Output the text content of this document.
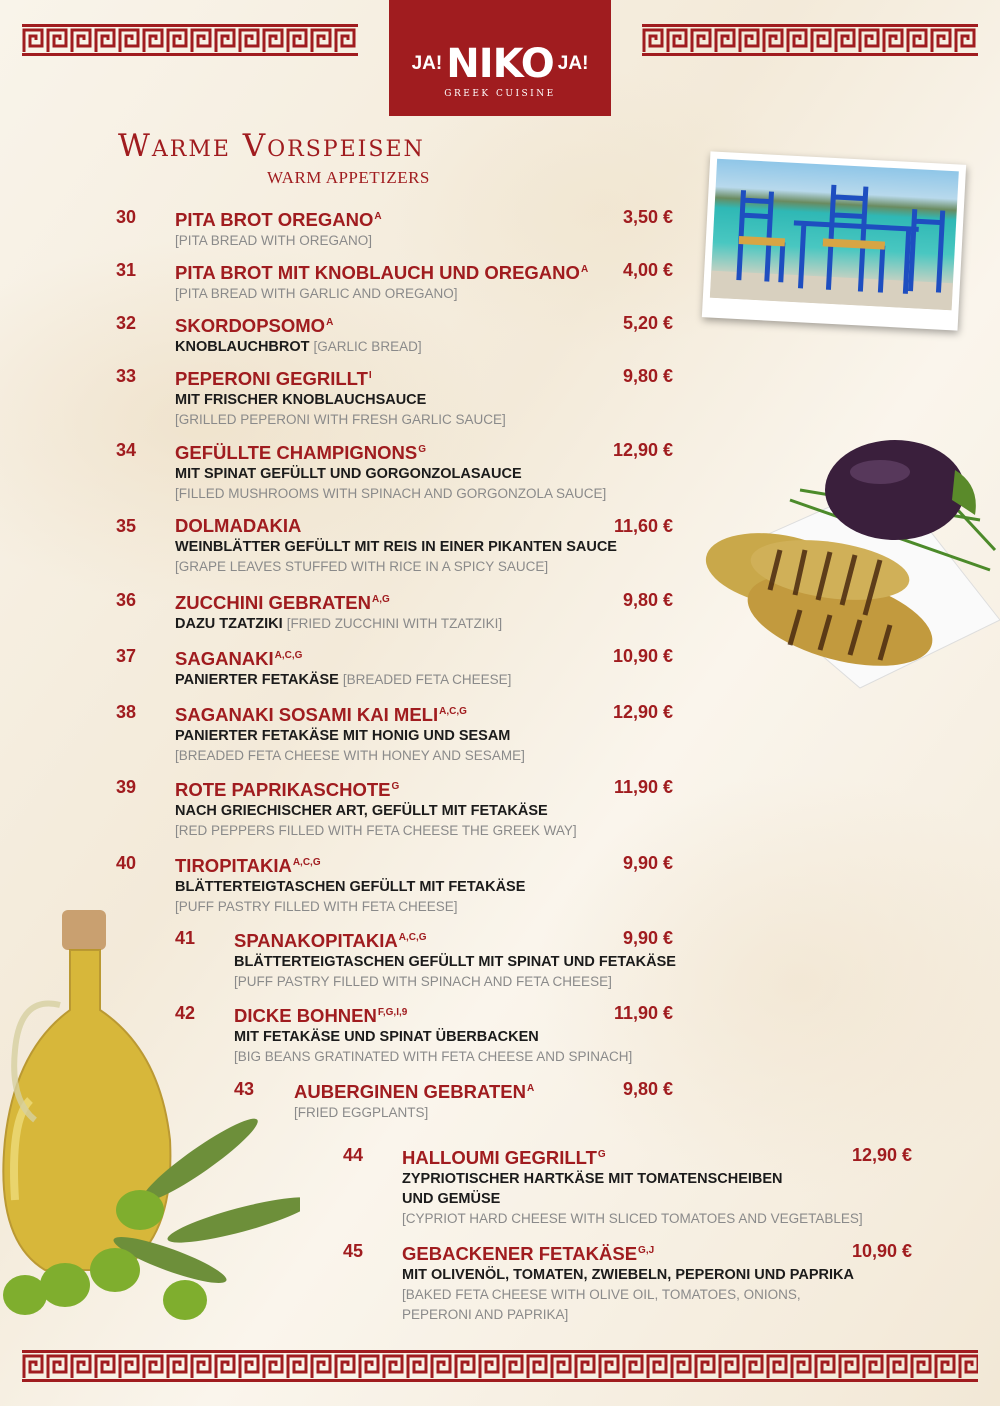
JA! NIKO JA!
GREEK CUISINE
Warme Vorspeisen
WARM APPETIZERS
30	3,50 €
PITA BROT $OREGANO^A$
[PITA BREAD WITH OREGANO]
31	4,00 €
PITA BROT MIT KNOBLAUCH UND $OREGANO^A$
[PITA BREAD WITH GARLIC AND OREGANO]
32	5,20 €
$SKORDOPSOMO^A$
KNOBLAUCHBROT [GARLIC BREAD]
33	9,80 €
PEPERONI $GEGRILLT^I$
MIT FRISCHER KNOBLAUCHSAUCE
[GRILLED PEPERONI WITH FRESH GARLIC SAUCE]
34	12,90 €
GEFÜLLTE $CHAMPIGNONS^G$
MIT SPINAT GEFÜLLT UND GORGONZOLASAUCE
[FILLED MUSHROOMS WITH SPINACH AND GORGONZOLA SAUCE]
35	11,60 €
DOLMADAKIA
WEINBLÄTTER GEFÜLLT MIT REIS IN EINER PIKANTEN SAUCE
[GRAPE LEAVES STUFFED WITH RICE IN A SPICY SAUCE]
36	9,80 €
ZUCCHINI $GEBRATEN^{A,G}$
DAZU TZATZIKI [FRIED ZUCCHINI WITH TZATZIKI]
37	10,90 €
$SAGANAKI^{A,C,G}$
PANIERTER FETAKÄSE [BREADED FETA CHEESE]
38	12,90 €
SAGANAKI SOSAMI KAI $MELI^{A,C,G}$
PANIERTER FETAKÄSE MIT HONIG UND SESAM
[BREADED FETA CHEESE WITH HONEY AND SESAME]
39	11,90 €
ROTE $PAPRIKASCHOTE^G$
NACH GRIECHISCHER ART, GEFÜLLT MIT FETAKÄSE
[RED PEPPERS FILLED WITH FETA CHEESE THE GREEK WAY]
40	9,90 €
$TIROPITAKIA^{A,C,G}$
BLÄTTERTEIGTASCHEN GEFÜLLT MIT FETAKÄSE
[PUFF PASTRY FILLED WITH FETA CHEESE]
41	9,90 €
$SPANAKOPITAKIA^{A,C,G}$
BLÄTTERTEIGTASCHEN GEFÜLLT MIT SPINAT UND FETAKÄSE
[PUFF PASTRY FILLED WITH SPINACH AND FETA CHEESE]
42	11,90 €
DICKE $BOHNEN^{F,G,I,9}$
MIT FETAKÄSE UND SPINAT ÜBERBACKEN
[BIG BEANS GRATINATED WITH FETA CHEESE AND SPINACH]
43	9,80 €
AUBERGINEN $GEBRATEN^A$
[FRIED EGGPLANTS]
44	12,90 €
HALLOUMI $GEGRILLT^G$
ZYPRIOTISCHER HARTKÄSE MIT TOMATENSCHEIBEN
UND GEMÜSE
[CYPRIOT HARD CHEESE WITH SLICED TOMATOES AND VEGETABLES]
45	10,90 €
GEBACKENER $FETAKÄSE^{G,J}$
MIT OLIVENÖL, TOMATEN, ZWIEBELN, PEPERONI UND PAPRIKA
[BAKED FETA CHEESE WITH OLIVE OIL, TOMATOES, ONIONS,
PEPERONI AND PAPRIKA]
